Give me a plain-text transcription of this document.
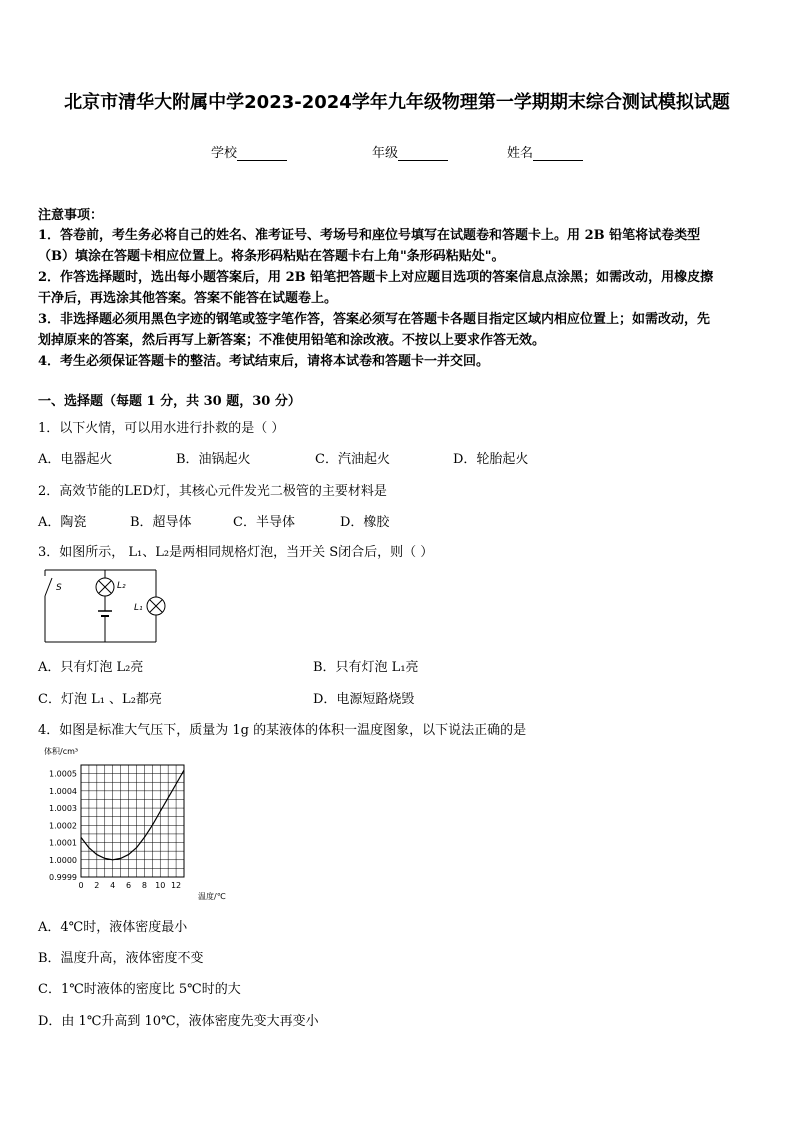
北京市清华大附属中学2023-2024学年九年级物理第一学期期末综合测试模拟试题
学校	年级	姓名
注意事项：
1．答卷前，考生务必将自己的姓名、准考证号、考场号和座位号填写在试题卷和答题卡上。用 2B 铅笔将试卷类型
（B）填涂在答题卡相应位置上。将条形码粘贴在答题卡右上角"条形码粘贴处"。
2．作答选择题时，选出每小题答案后，用 2B 铅笔把答题卡上对应题目选项的答案信息点涂黑；如需改动，用橡皮擦
干净后，再选涂其他答案。答案不能答在试题卷上。
3．非选择题必须用黑色字迹的钢笔或签字笔作答，答案必须写在答题卡各题目指定区域内相应位置上；如需改动，先
划掉原来的答案，然后再写上新答案；不准使用铅笔和涂改液。不按以上要求作答无效。
4．考生必须保证答题卡的整洁。考试结束后，请将本试卷和答题卡一并交回。
一、选择题（每题 1 分，共 30 题，30 分）
1．以下火情，可以用水进行扑救的是（ ）
A．电器起火	B．油锅起火	C．汽油起火	D．轮胎起火
2．高效节能的LED灯，其核心元件发光二极管的主要材料是
A．陶瓷	B．超导体	C．半导体	D．橡胶
3．如图所示， L₁、L₂是两相同规格灯泡，当开关 S闭合后，则（ ）
S	L₂
L₁
A．只有灯泡 L₂亮	B．只有灯泡 L₁亮
C．灯泡 L₁ 、L₂都亮	D．电源短路烧毁
4．如图是标准大气压下，质量为 1g 的某液体的体积一温度图象，以下说法正确的是
0 2 4 6 8 10 12
0.9999
1.0000
1.0001
1.0002
1.0003
1.0004
1.0005
体积/cm³
温度/℃
A．4℃时，液体密度最小
B．温度升高，液体密度不变
C．1℃时液体的密度比 5℃时的大
D．由 1℃升高到 10℃，液体密度先变大再变小
